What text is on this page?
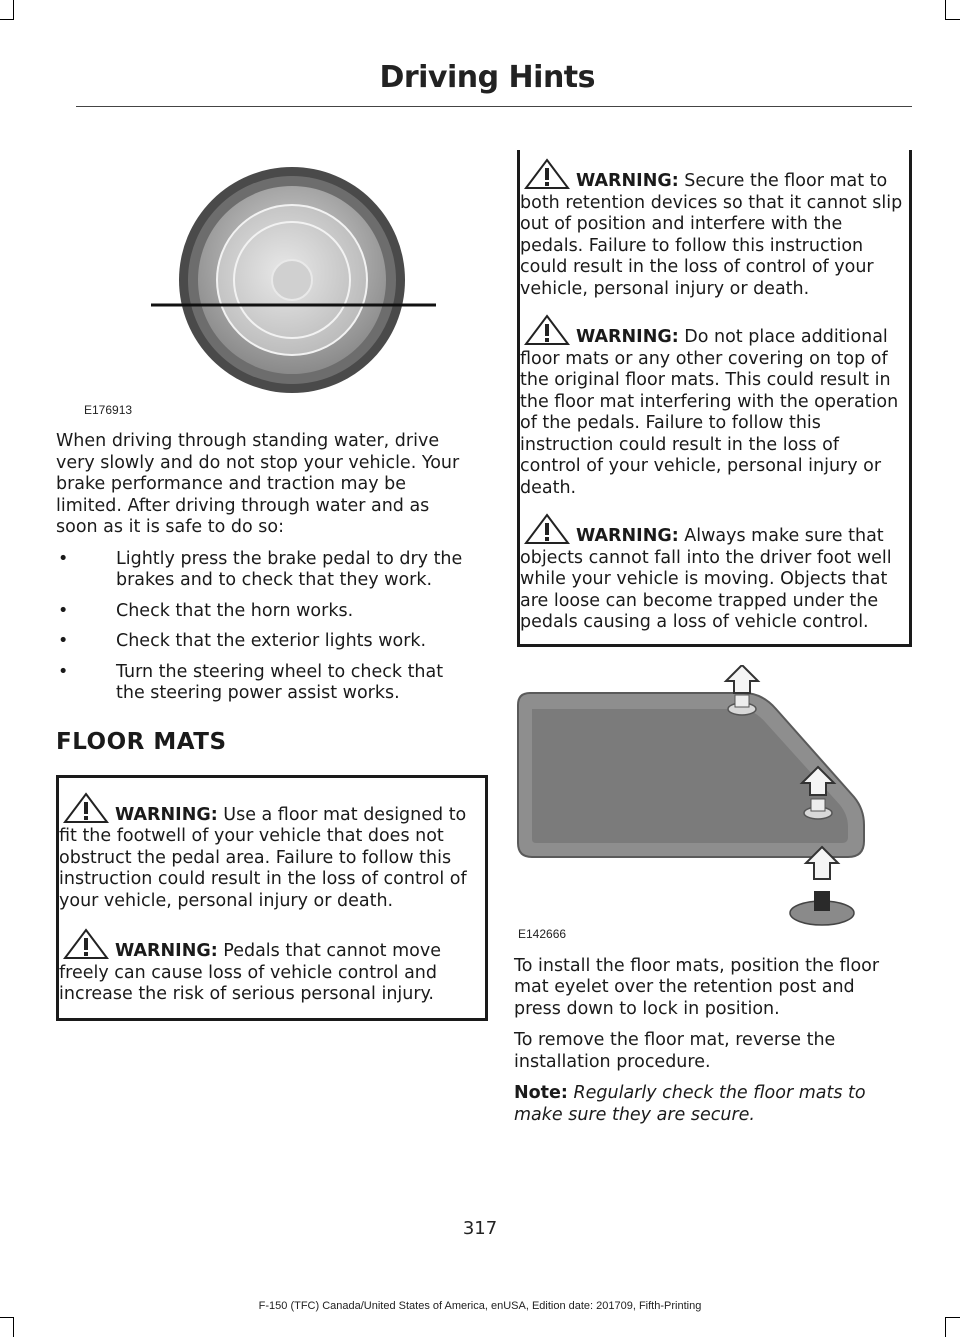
Driving Hints
E176913

When driving through standing water, drive very slowly and do not stop your vehicle. Your brake performance and traction may be limited. After driving through water and as soon as it is safe to do so:

•	Lightly press the brake pedal to dry the brakes and to check that they work.
•	Check that the horn works.
•	Check that the exterior lights work.
•	Turn the steering wheel to check that the steering power assist works.
FLOOR MATS
WARNING: Use a floor mat designed to fit the footwell of your vehicle that does not obstruct the pedal area. Failure to follow this instruction could result in the loss of control of your vehicle, personal injury or death.
WARNING: Pedals that cannot move freely can cause loss of vehicle control and increase the risk of serious personal injury.
WARNING: Secure the floor mat to both retention devices so that it cannot slip out of position and interfere with the pedals. Failure to follow this instruction could result in the loss of control of your vehicle, personal injury or death.
WARNING: Do not place additional floor mats or any other covering on top of the original floor mats. This could result in the floor mat interfering with the operation of the pedals. Failure to follow this instruction could result in the loss of control of your vehicle, personal injury or death.
WARNING: Always make sure that objects cannot fall into the driver foot well while your vehicle is moving. Objects that are loose can become trapped under the pedals causing a loss of vehicle control.
E142666

To install the floor mats, position the floor mat eyelet over the retention post and press down to lock in position.

To remove the floor mat, reverse the installation procedure.

Note: Regularly check the floor mats to make sure they are secure.

317
F-150 (TFC) Canada/United States of America, enUSA, Edition date: 201709, Fifth-Printing
